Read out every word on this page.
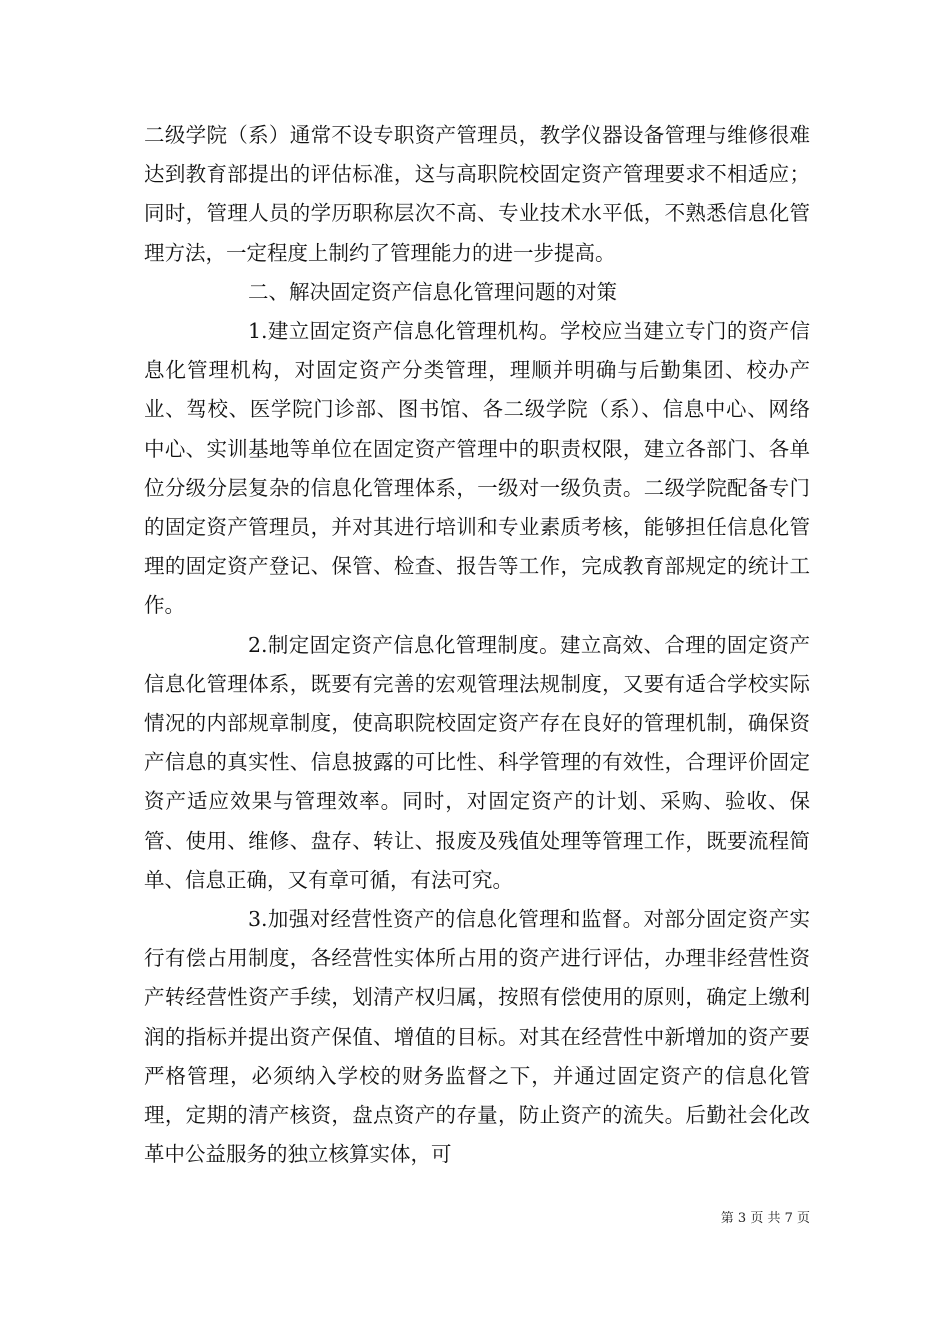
二级学院（系）通常不设专职资产管理员，教学仪器设备管理与维修很难达到教育部提出的评估标准，这与高职院校固定资产管理要求不相适应；同时，管理人员的学历职称层次不高、专业技术水平低，不熟悉信息化管理方法，一定程度上制约了管理能力的进一步提高。

二、解决固定资产信息化管理问题的对策

1.建立固定资产信息化管理机构。学校应当建立专门的资产信息化管理机构，对固定资产分类管理，理顺并明确与后勤集团、校办产业、驾校、医学院门诊部、图书馆、各二级学院（系）、信息中心、网络中心、实训基地等单位在固定资产管理中的职责权限，建立各部门、各单位分级分层复杂的信息化管理体系，一级对一级负责。二级学院配备专门的固定资产管理员，并对其进行培训和专业素质考核，能够担任信息化管理的固定资产登记、保管、检查、报告等工作，完成教育部规定的统计工作。

2.制定固定资产信息化管理制度。建立高效、合理的固定资产信息化管理体系，既要有完善的宏观管理法规制度，又要有适合学校实际情况的内部规章制度，使高职院校固定资产存在良好的管理机制，确保资产信息的真实性、信息披露的可比性、科学管理的有效性，合理评价固定资产适应效果与管理效率。同时，对固定资产的计划、采购、验收、保管、使用、维修、盘存、转让、报废及残值处理等管理工作，既要流程简单、信息正确，又有章可循，有法可究。

3.加强对经营性资产的信息化管理和监督。对部分固定资产实行有偿占用制度，各经营性实体所占用的资产进行评估，办理非经营性资产转经营性资产手续，划清产权归属，按照有偿使用的原则，确定上缴利润的指标并提出资产保值、增值的目标。对其在经营性中新增加的资产要严格管理，必须纳入学校的财务监督之下，并通过固定资产的信息化管理，定期的清产核资，盘点资产的存量，防止资产的流失。后勤社会化改革中公益服务的独立核算实体，可

第 3 页 共 7 页
